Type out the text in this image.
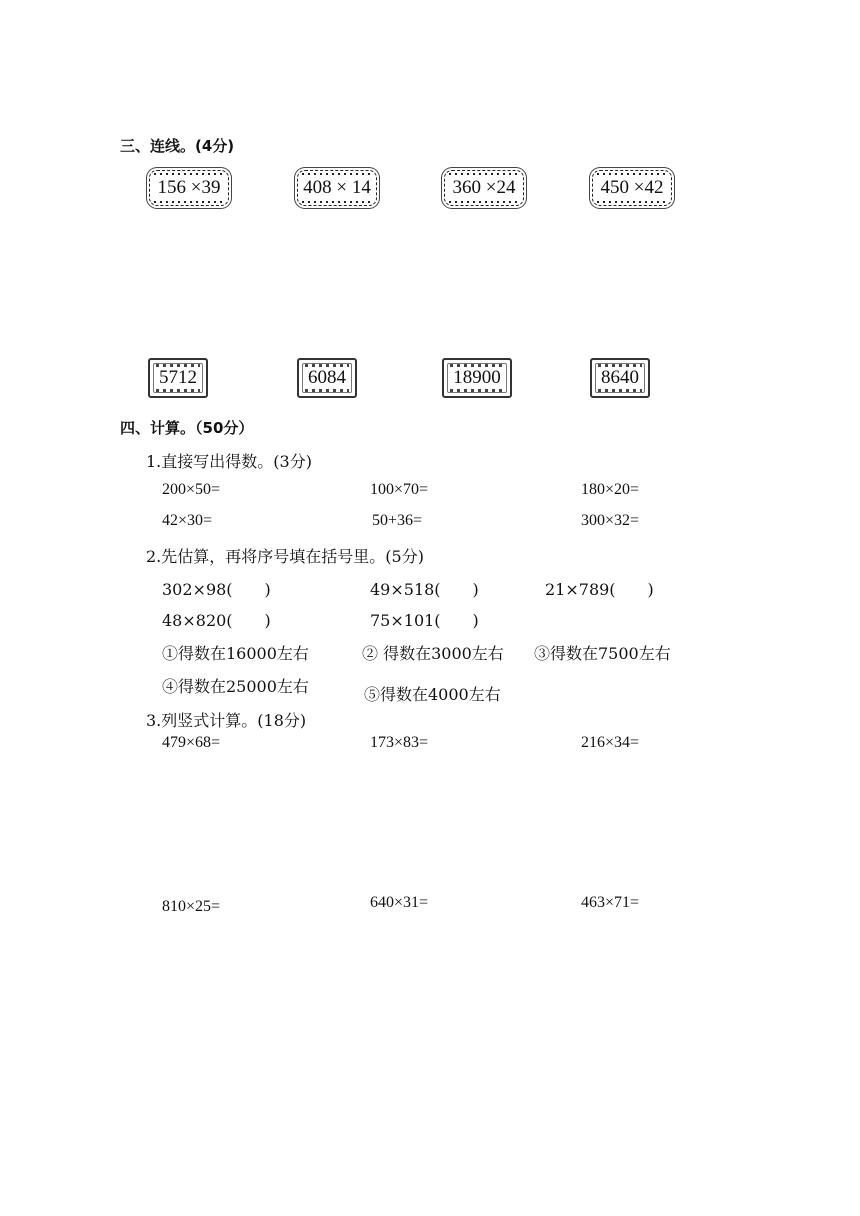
三、连线。(4分)
156 ×39	408 × 14	360 ×24	450 ×42
5712	6084	18900	8640
四、计算。（50分）
1.直接写出得数。(3分)
200×50=	100×70=	180×20=
42×30=	50+36=	300×32=
2.先估算，再将序号填在括号里。(5分)
302×98(　　)	49×518(　　)	21×789(　　)
48×820(　　)	75×101(　　)
①得数在16000左右	② 得数在3000左右 ③得数在7500左右
④得数在25000左右	⑤得数在4000左右
3.列竖式计算。(18分)
479×68=	173×83=	216×34=
810×25=	640×31=	463×71=
